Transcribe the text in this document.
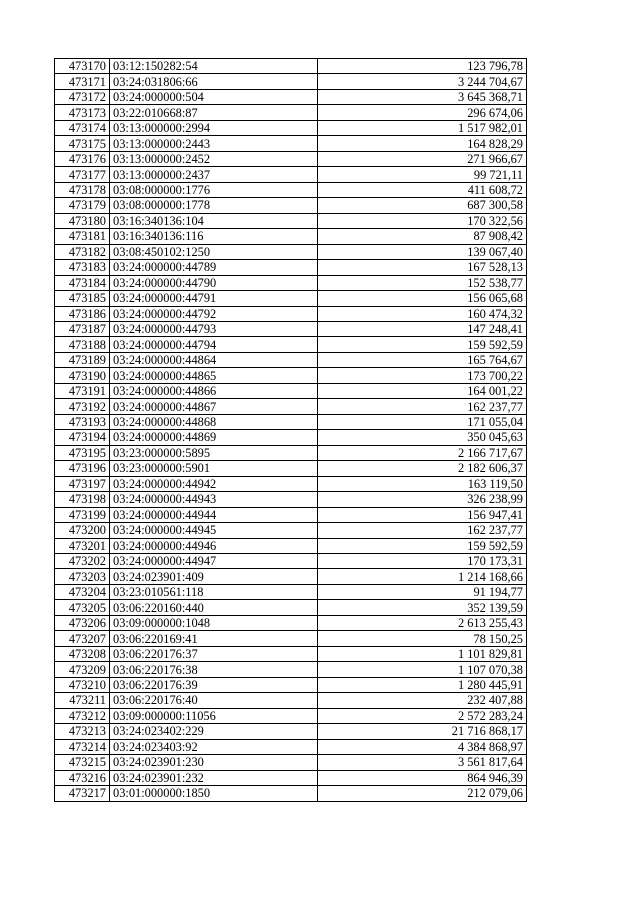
473170	03:12:150282:54	123 796,78
473171	03:24:031806:66	3 244 704,67
473172	03:24:000000:504	3 645 368,71
473173	03:22:010668:87	296 674,06
473174	03:13:000000:2994	1 517 982,01
473175	03:13:000000:2443	164 828,29
473176	03:13:000000:2452	271 966,67
473177	03:13:000000:2437	99 721,11
473178	03:08:000000:1776	411 608,72
473179	03:08:000000:1778	687 300,58
473180	03:16:340136:104	170 322,56
473181	03:16:340136:116	87 908,42
473182	03:08:450102:1250	139 067,40
473183	03:24:000000:44789	167 528,13
473184	03:24:000000:44790	152 538,77
473185	03:24:000000:44791	156 065,68
473186	03:24:000000:44792	160 474,32
473187	03:24:000000:44793	147 248,41
473188	03:24:000000:44794	159 592,59
473189	03:24:000000:44864	165 764,67
473190	03:24:000000:44865	173 700,22
473191	03:24:000000:44866	164 001,22
473192	03:24:000000:44867	162 237,77
473193	03:24:000000:44868	171 055,04
473194	03:24:000000:44869	350 045,63
473195	03:23:000000:5895	2 166 717,67
473196	03:23:000000:5901	2 182 606,37
473197	03:24:000000:44942	163 119,50
473198	03:24:000000:44943	326 238,99
473199	03:24:000000:44944	156 947,41
473200	03:24:000000:44945	162 237,77
473201	03:24:000000:44946	159 592,59
473202	03:24:000000:44947	170 173,31
473203	03:24:023901:409	1 214 168,66
473204	03:23:010561:118	91 194,77
473205	03:06:220160:440	352 139,59
473206	03:09:000000:1048	2 613 255,43
473207	03:06:220169:41	78 150,25
473208	03:06:220176:37	1 101 829,81
473209	03:06:220176:38	1 107 070,38
473210	03:06:220176:39	1 280 445,91
473211	03:06:220176:40	232 407,88
473212	03:09:000000:11056	2 572 283,24
473213	03:24:023402:229	21 716 868,17
473214	03:24:023403:92	4 384 868,97
473215	03:24:023901:230	3 561 817,64
473216	03:24:023901:232	864 946,39
473217	03:01:000000:1850	212 079,06
